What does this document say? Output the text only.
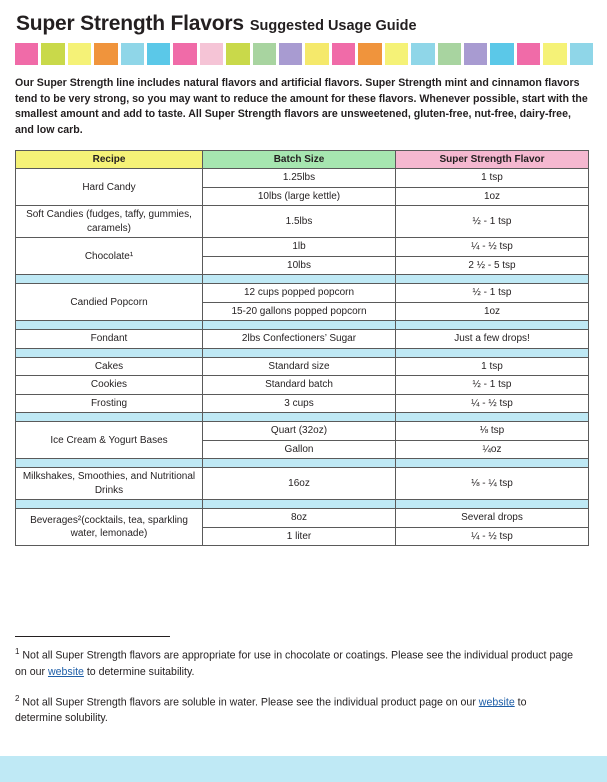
Super Strength Flavors Suggested Usage Guide

Our Super Strength line includes natural flavors and artificial flavors. Super Strength mint and cinnamon flavors tend to be very strong, so you may want to reduce the amount for these flavors. Whenever possible, start with the smallest amount and add to taste. All Super Strength flavors are unsweetened, gluten-free, nut-free, dairy-free, and low carb.

Recipe	Batch Size	Super Strength Flavor
Hard Candy	1.25lbs	1 tsp
	10lbs (large kettle)	1oz
Soft Candies (fudges, taffy, gummies, caramels)	1.5lbs	½ - 1 tsp
Chocolate¹	1lb	¼ - ½ tsp
	10lbs	2 ½ - 5 tsp

Candied Popcorn	12 cups popped popcorn	½ - 1 tsp
	15-20 gallons popped popcorn	1oz

Fondant	2lbs Confectioners’ Sugar	Just a few drops!

Cakes	Standard size	1 tsp
Cookies	Standard batch	½ - 1 tsp
Frosting	3 cups	¼ - ½ tsp

Ice Cream & Yogurt Bases	Quart (32oz)	⅛ tsp
	Gallon	¼oz

Milkshakes, Smoothies, and Nutritional Drinks	16oz	⅛ - ¼ tsp

Beverages²(cocktails, tea, sparkling water, lemonade)	8oz	Several drops
	1 liter	¼ - ½ tsp
$^1$ Not all Super Strength flavors are appropriate for use in chocolate or coatings. Please see the individual product page on our website to determine suitability.
$^2$ Not all Super Strength flavors are soluble in water. Please see the individual product page on our website to determine solubility.
